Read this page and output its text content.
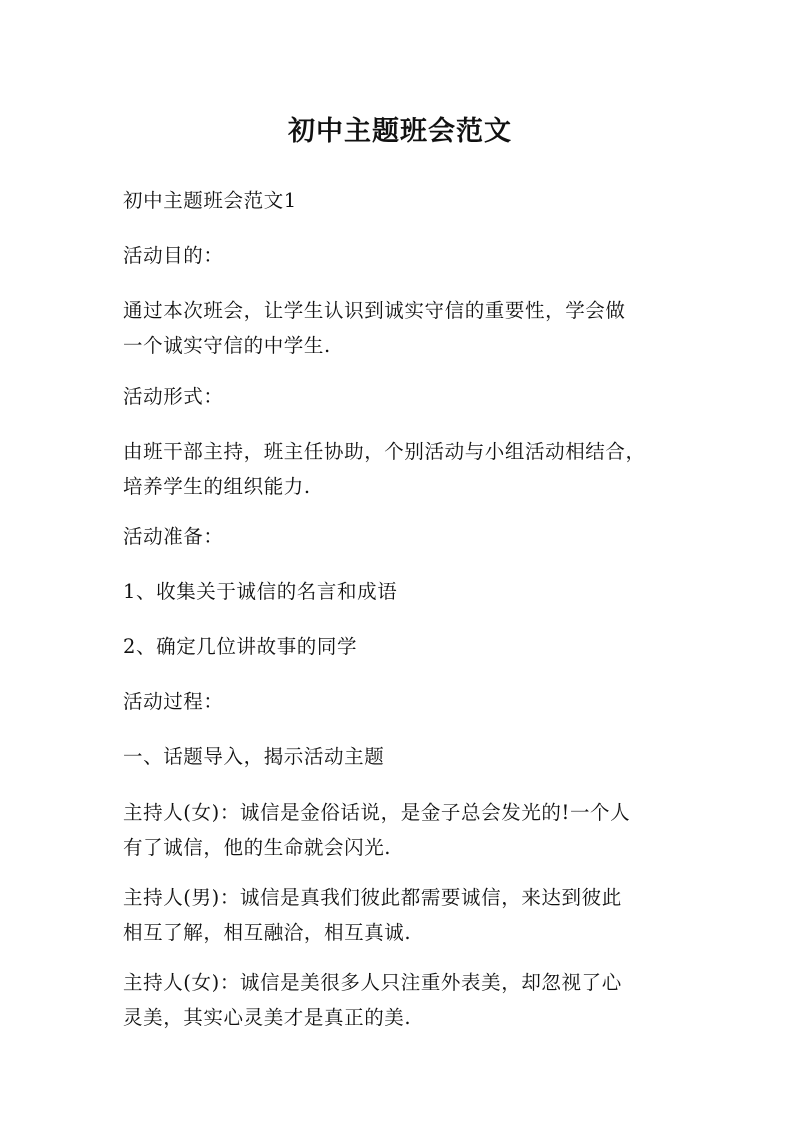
初中主题班会范文

初中主题班会范文1

活动目的：

通过本次班会，让学生认识到诚实守信的重要性，学会做
一个诚实守信的中学生.

活动形式：

由班干部主持，班主任协助，个别活动与小组活动相结合，
培养学生的组织能力.

活动准备：

1、收集关于诚信的名言和成语

2、确定几位讲故事的同学

活动过程：

一、话题导入，揭示活动主题

主持人(女)：诚信是金俗话说，是金子总会发光的!一个人
有了诚信，他的生命就会闪光.

主持人(男)：诚信是真我们彼此都需要诚信，来达到彼此
相互了解，相互融洽，相互真诚.

主持人(女)：诚信是美很多人只注重外表美，却忽视了心
灵美，其实心灵美才是真正的美.
